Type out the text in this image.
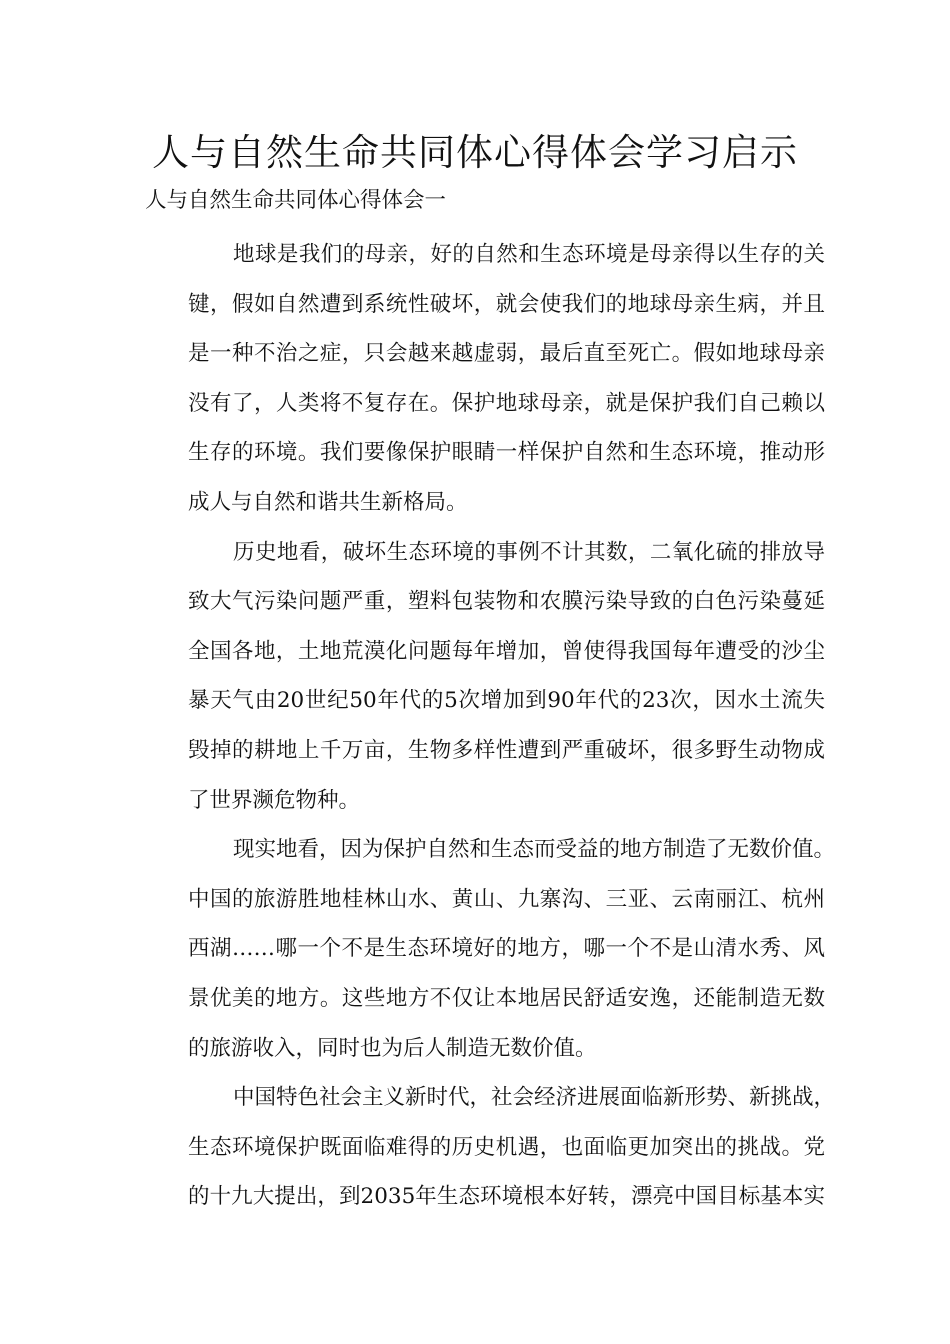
人与自然生命共同体心得体会学习启示

人与自然生命共同体心得体会一

地球是我们的母亲，好的自然和生态环境是母亲得以生存的关
键，假如自然遭到系统性破坏，就会使我们的地球母亲生病，并且
是一种不治之症，只会越来越虚弱，最后直至死亡。假如地球母亲
没有了，人类将不复存在。保护地球母亲，就是保护我们自己赖以
生存的环境。我们要像保护眼睛一样保护自然和生态环境，推动形
成人与自然和谐共生新格局。
历史地看，破坏生态环境的事例不计其数，二氧化硫的排放导
致大气污染问题严重，塑料包装物和农膜污染导致的白色污染蔓延
全国各地，土地荒漠化问题每年增加，曾使得我国每年遭受的沙尘
暴天气由20世纪50年代的5次增加到90年代的23次，因水土流失
毁掉的耕地上千万亩，生物多样性遭到严重破坏，很多野生动物成
了世界濒危物种。
现实地看，因为保护自然和生态而受益的地方制造了无数价值。
中国的旅游胜地桂林山水、黄山、九寨沟、三亚、云南丽江、杭州
西湖……哪一个不是生态环境好的地方，哪一个不是山清水秀、风
景优美的地方。这些地方不仅让本地居民舒适安逸，还能制造无数
的旅游收入，同时也为后人制造无数价值。
中国特色社会主义新时代，社会经济进展面临新形势、新挑战，
生态环境保护既面临难得的历史机遇，也面临更加突出的挑战。党
的十九大提出，到2035年生态环境根本好转，漂亮中国目标基本实
